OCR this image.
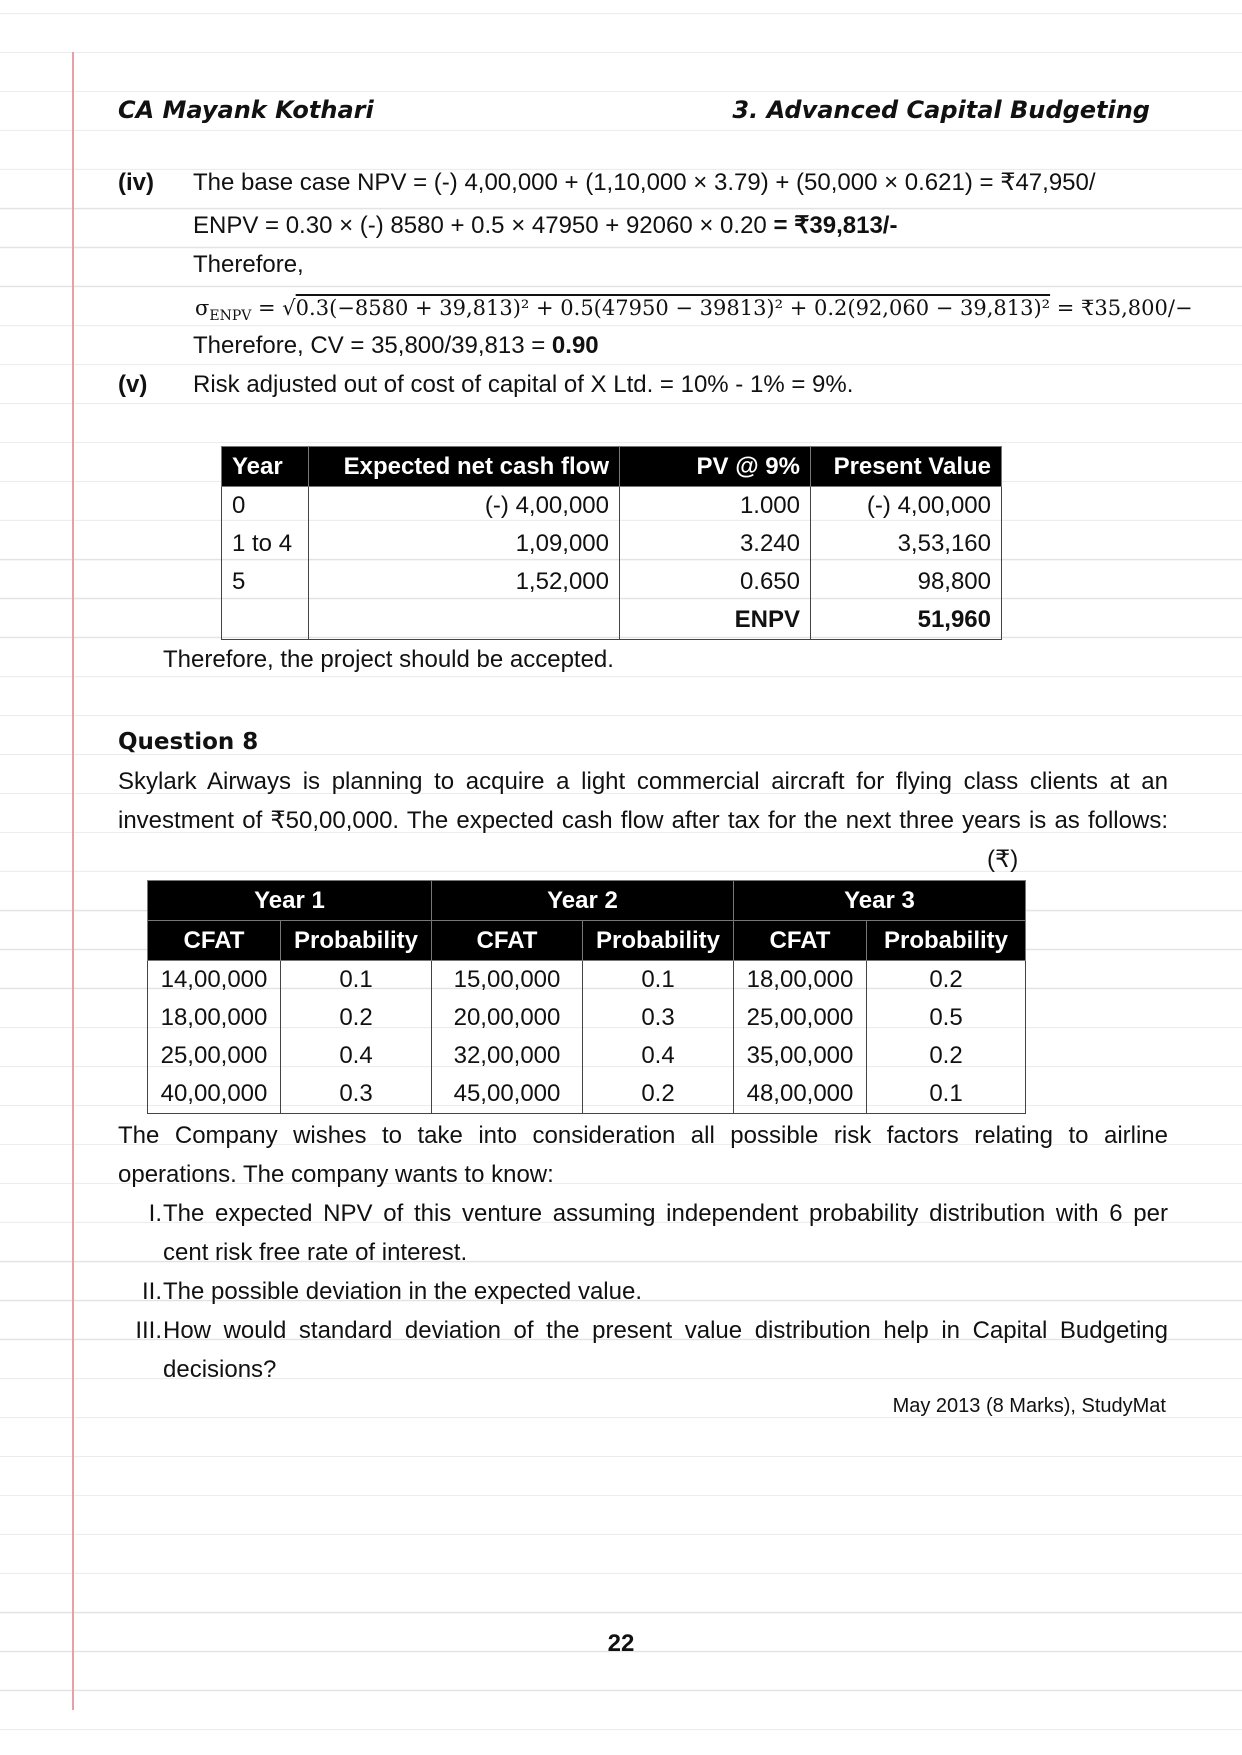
CA Mayank Kothari	3. Advanced Capital Budgeting
(iv) The base case NPV = (-) 4,00,000 + (1,10,000 × 3.79) + (50,000 × 0.621) = ₹47,950/
ENPV = 0.30 × (-) 8580 + 0.5 × 47950 + 92060 × 0.20 = ₹39,813/-
Therefore,
$\sigma_{ENPV} = √0.3(-8580 + 39,813)^2 + 0.5(47950 - 39813)^2 + 0.2(92,060 - 39,813)^2$ = ₹35,800/−
Therefore, CV = 35,800/39,813 = 0.90
(v) Risk adjusted out of cost of capital of X Ltd. = 10% - 1% = 9%.
Year	Expected net cash flow	PV @ 9%	Present Value
0	(-) 4,00,000	1.000	(-) 4,00,000
1 to 4	1,09,000	3.240	3,53,160
5	1,52,000	0.650	98,800
		ENPV	51,960
Therefore, the project should be accepted.
Question 8
Skylark Airways is planning to acquire a light commercial aircraft for flying class clients at an
investment of ₹50,00,000. The expected cash flow after tax for the next three years is as follows:
(₹)
Year 1		Year 2		Year 3	
CFAT	Probability	CFAT	Probability	CFAT	Probability
14,00,000	0.1	15,00,000	0.1	18,00,000	0.2
18,00,000	0.2	20,00,000	0.3	25,00,000	0.5
25,00,000	0.4	32,00,000	0.4	35,00,000	0.2
40,00,000	0.3	45,00,000	0.2	48,00,000	0.1
The Company wishes to take into consideration all possible risk factors relating to airline
operations. The company wants to know:
I. The expected NPV of this venture assuming independent probability distribution with 6 per
cent risk free rate of interest.
II. The possible deviation in the expected value.
III. How would standard deviation of the present value distribution help in Capital Budgeting
decisions?
May 2013 (8 Marks), StudyMat
22
